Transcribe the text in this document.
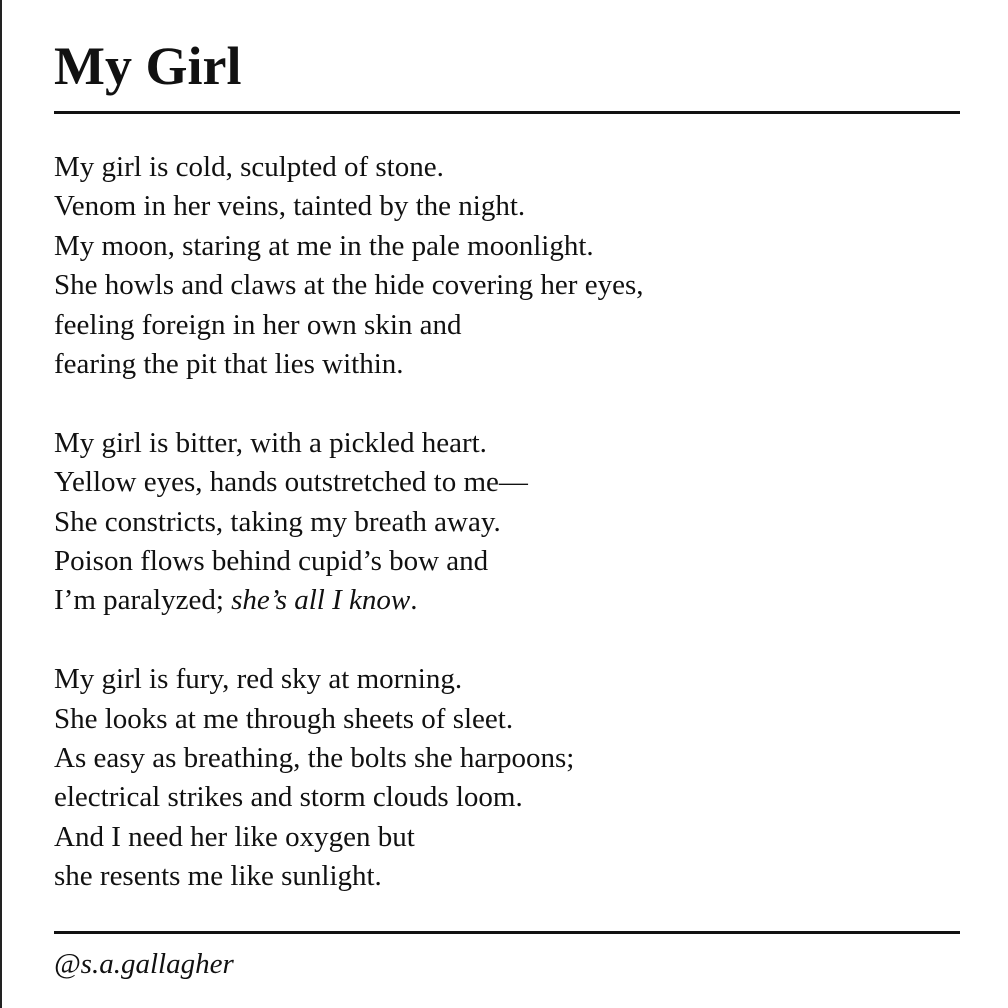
My Girl

My girl is cold, sculpted of stone.
Venom in her veins, tainted by the night.
My moon, staring at me in the pale moonlight.
She howls and claws at the hide covering her eyes,
feeling foreign in her own skin and
fearing the pit that lies within.

My girl is bitter, with a pickled heart.
Yellow eyes, hands outstretched to me—
She constricts, taking my breath away.
Poison flows behind cupid’s bow and
I’m paralyzed; she’s all I know.

My girl is fury, red sky at morning.
She looks at me through sheets of sleet.
As easy as breathing, the bolts she harpoons;
electrical strikes and storm clouds loom.
And I need her like oxygen but
she resents me like sunlight.

@s.a.gallagher
